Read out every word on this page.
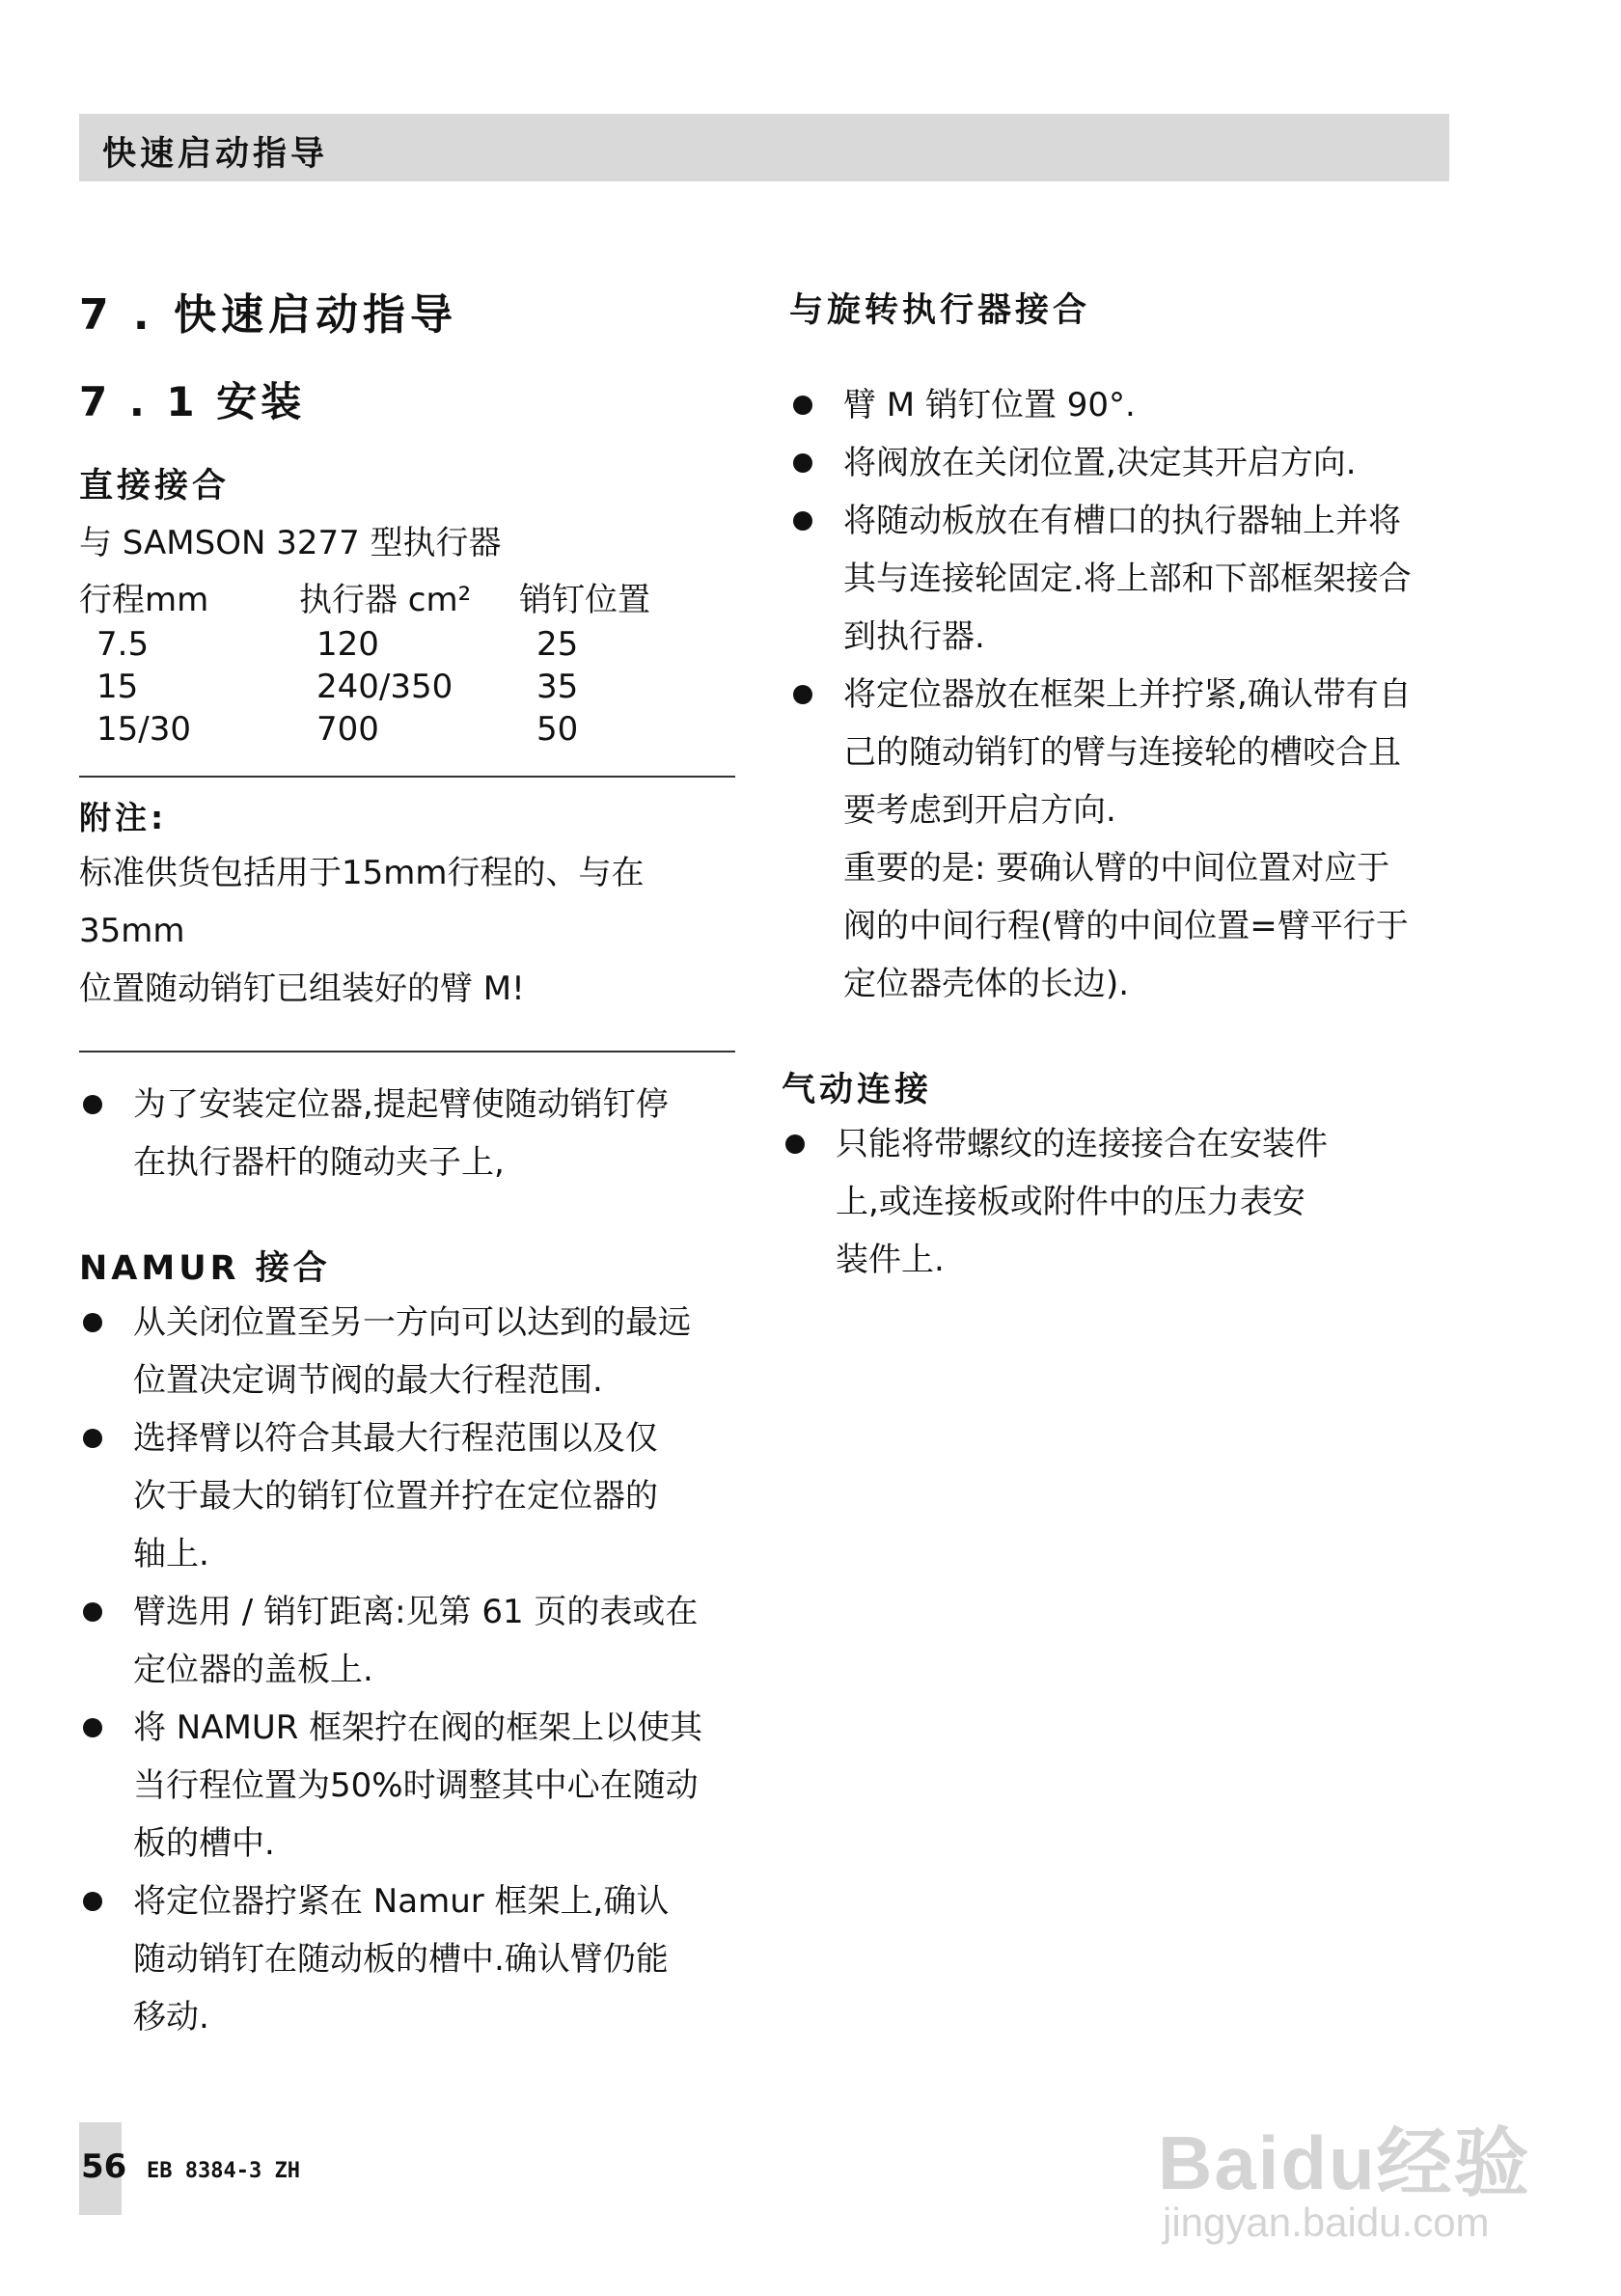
快速启动指导
7 . 快速启动指导
7 . 1 安装
直接接合
与 SAMSON 3277 型执行器
行程mm	执行器 cm²	销钉位置
7.5	120	25
15	240/350	35
15/30	700	50
附注:
标准供货包括用于15mm行程的、与在35mm
位置随动销钉已组装好的臂 M!
为了安装定位器,提起臂使随动销钉停
在执行器杆的随动夹子上,
NAMUR 接合
从关闭位置至另一方向可以达到的最远
位置决定调节阀的最大行程范围.
选择臂以符合其最大行程范围以及仅
次于最大的销钉位置并拧在定位器的
轴上.
臂选用 / 销钉距离:见第 61 页的表或在
定位器的盖板上.
将 NAMUR 框架拧在阀的框架上以使其
当行程位置为50%时调整其中心在随动
板的槽中.
将定位器拧紧在 Namur 框架上,确认
随动销钉在随动板的槽中.确认臂仍能
移动.
与旋转执行器接合
臂 M 销钉位置 90°.
将阀放在关闭位置,决定其开启方向.
将随动板放在有槽口的执行器轴上并将
其与连接轮固定.将上部和下部框架接合
到执行器.
将定位器放在框架上并拧紧,确认带有自
己的随动销钉的臂与连接轮的槽咬合且
要考虑到开启方向.
重要的是: 要确认臂的中间位置对应于
阀的中间行程(臂的中间位置=臂平行于
定位器壳体的长边).
气动连接
只能将带螺纹的连接接合在安装件
上,或连接板或附件中的压力表安
装件上.
56 EB 8384-3 ZH	Baidu经验
jingyan.baidu.com
